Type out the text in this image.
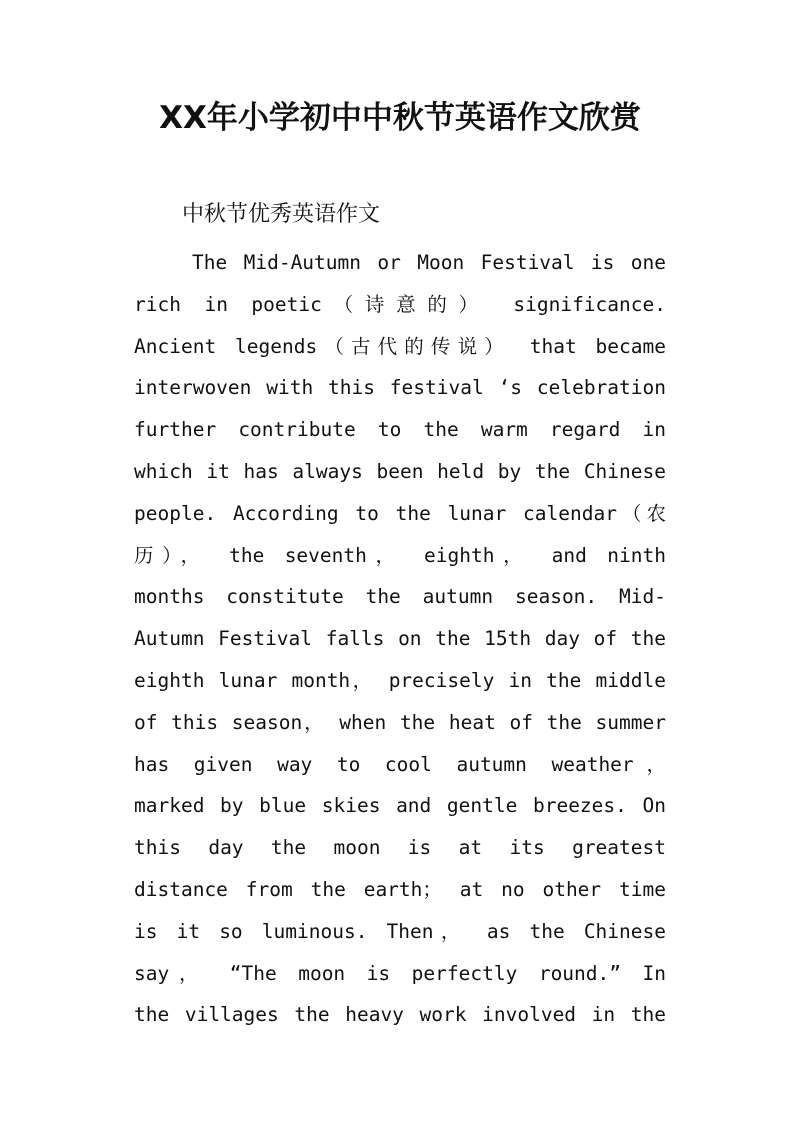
XX年小学初中中秋节英语作文欣赏
中秋节优秀英语作文
The Mid-Autumn or Moon Festival is one
rich in poetic（诗意的） significance.
Ancient legends（古代的传说） that became
interwoven with this festival ‘s celebration
further contribute to the warm regard in
which it has always been held by the Chinese
people. According to the lunar calendar（农
历）， the seventh， eighth， and ninth
months constitute the autumn season. Mid-
Autumn Festival falls on the 15th day of the
eighth lunar month， precisely in the middle
of this season， when the heat of the summer
has given way to cool autumn weather，
marked by blue skies and gentle breezes. On
this day the moon is at its greatest
distance from the earth； at no other time
is it so luminous. Then， as the Chinese
say， “The moon is perfectly round.” In
the villages the heavy work involved in the
